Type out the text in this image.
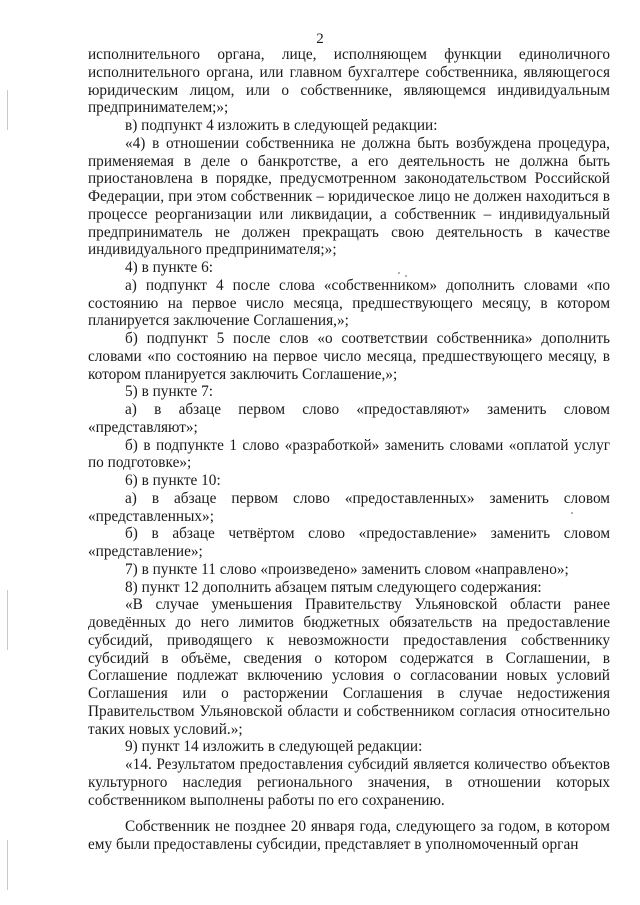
2

исполнительного органа, лице, исполняющем функции единоличного исполнительного органа, или главном бухгалтере собственника, являющегося юридическим лицом, или о собственнике, являющемся индивидуальным предпринимателем;»;

в) подпункт 4 изложить в следующей редакции:

«4) в отношении собственника не должна быть возбуждена процедура, применяемая в деле о банкротстве, а его деятельность не должна быть приостановлена в порядке, предусмотренном законодательством Российской Федерации, при этом собственник – юридическое лицо не должен находиться в процессе реорганизации или ликвидации, а собственник – индивидуальный предприниматель не должен прекращать свою деятельность в качестве индивидуального предпринимателя;»;

4) в пункте 6:

а) подпункт 4 после слова «собственником» дополнить словами «по состоянию на первое число месяца, предшествующего месяцу, в котором планируется заключение Соглашения,»;

б) подпункт 5 после слов «о соответствии собственника» дополнить словами «по состоянию на первое число месяца, предшествующего месяцу, в котором планируется заключить Соглашение,»;

5) в пункте 7:

а) в абзаце первом слово «предоставляют» заменить словом «представляют»;

б) в подпункте 1 слово «разработкой» заменить словами «оплатой услуг по подготовке»;

6) в пункте 10:

а) в абзаце первом слово «предоставленных» заменить словом «представленных»;

б) в абзаце четвёртом слово «предоставление» заменить словом «представление»;

7) в пункте 11 слово «произведено» заменить словом «направлено»;

8) пункт 12 дополнить абзацем пятым следующего содержания:

«В случае уменьшения Правительству Ульяновской области ранее доведённых до него лимитов бюджетных обязательств на предоставление субсидий, приводящего к невозможности предоставления собственнику субсидий в объёме, сведения о котором содержатся в Соглашении, в Соглашение подлежат включению условия о согласовании новых условий Соглашения или о расторжении Соглашения в случае недостижения Правительством Ульяновской области и собственником согласия относительно таких новых условий.»;

9) пункт 14 изложить в следующей редакции:

«14. Результатом предоставления субсидий является количество объектов культурного наследия регионального значения, в отношении которых собственником выполнены работы по его сохранению.

Собственник не позднее 20 января года, следующего за годом, в котором ему были предоставлены субсидии, представляет в уполномоченный орган
